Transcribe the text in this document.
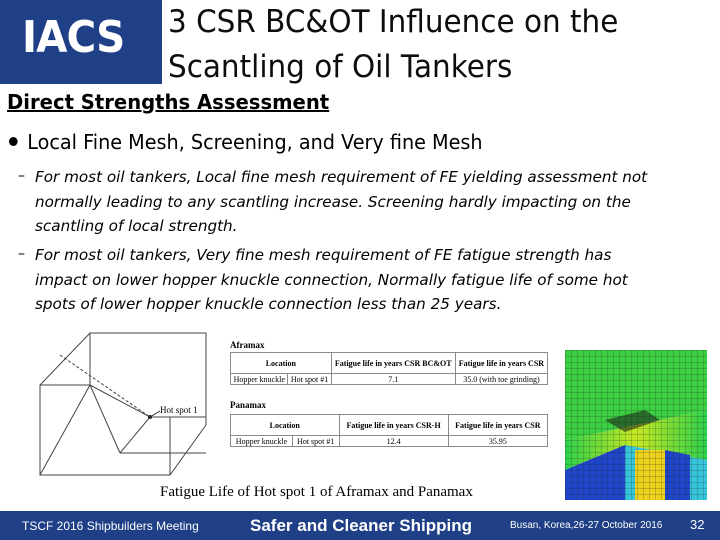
IACS 3 CSR BC&OT Influence on the
Scantling of Oil Tankers
Direct Strengths Assessment
Local Fine Mesh, Screening, and Very fine Mesh
– For most oil tankers, Local fine mesh requirement of FE yielding assessment not
normally leading to any scantling increase. Screening hardly impacting on the
scantling of local strength.
– For most oil tankers, Very fine mesh requirement of FE fatigue strength has
impact on lower hopper knuckle connection, Normally fatigue life of some hot
spots of lower hopper knuckle connection less than 25 years.
Hot spot 1
Aframax
Location		Fatigue life in years CSR BC&OT	Fatigue life in years CSR
Hopper knuckle	Hot spot #1	7.1	35.0 (with toe grinding)
Panamax
Location		Fatigue life in years CSR-H	Fatigue life in years CSR
Hopper knuckle	Hot spot #1	12.4	35.95
Fatigue Life of Hot spot 1 of Aframax and Panamax
TSCF 2016 Shipbuilders Meeting	Safer and Cleaner Shipping	Busan, Korea,26-27 October 2016 32
